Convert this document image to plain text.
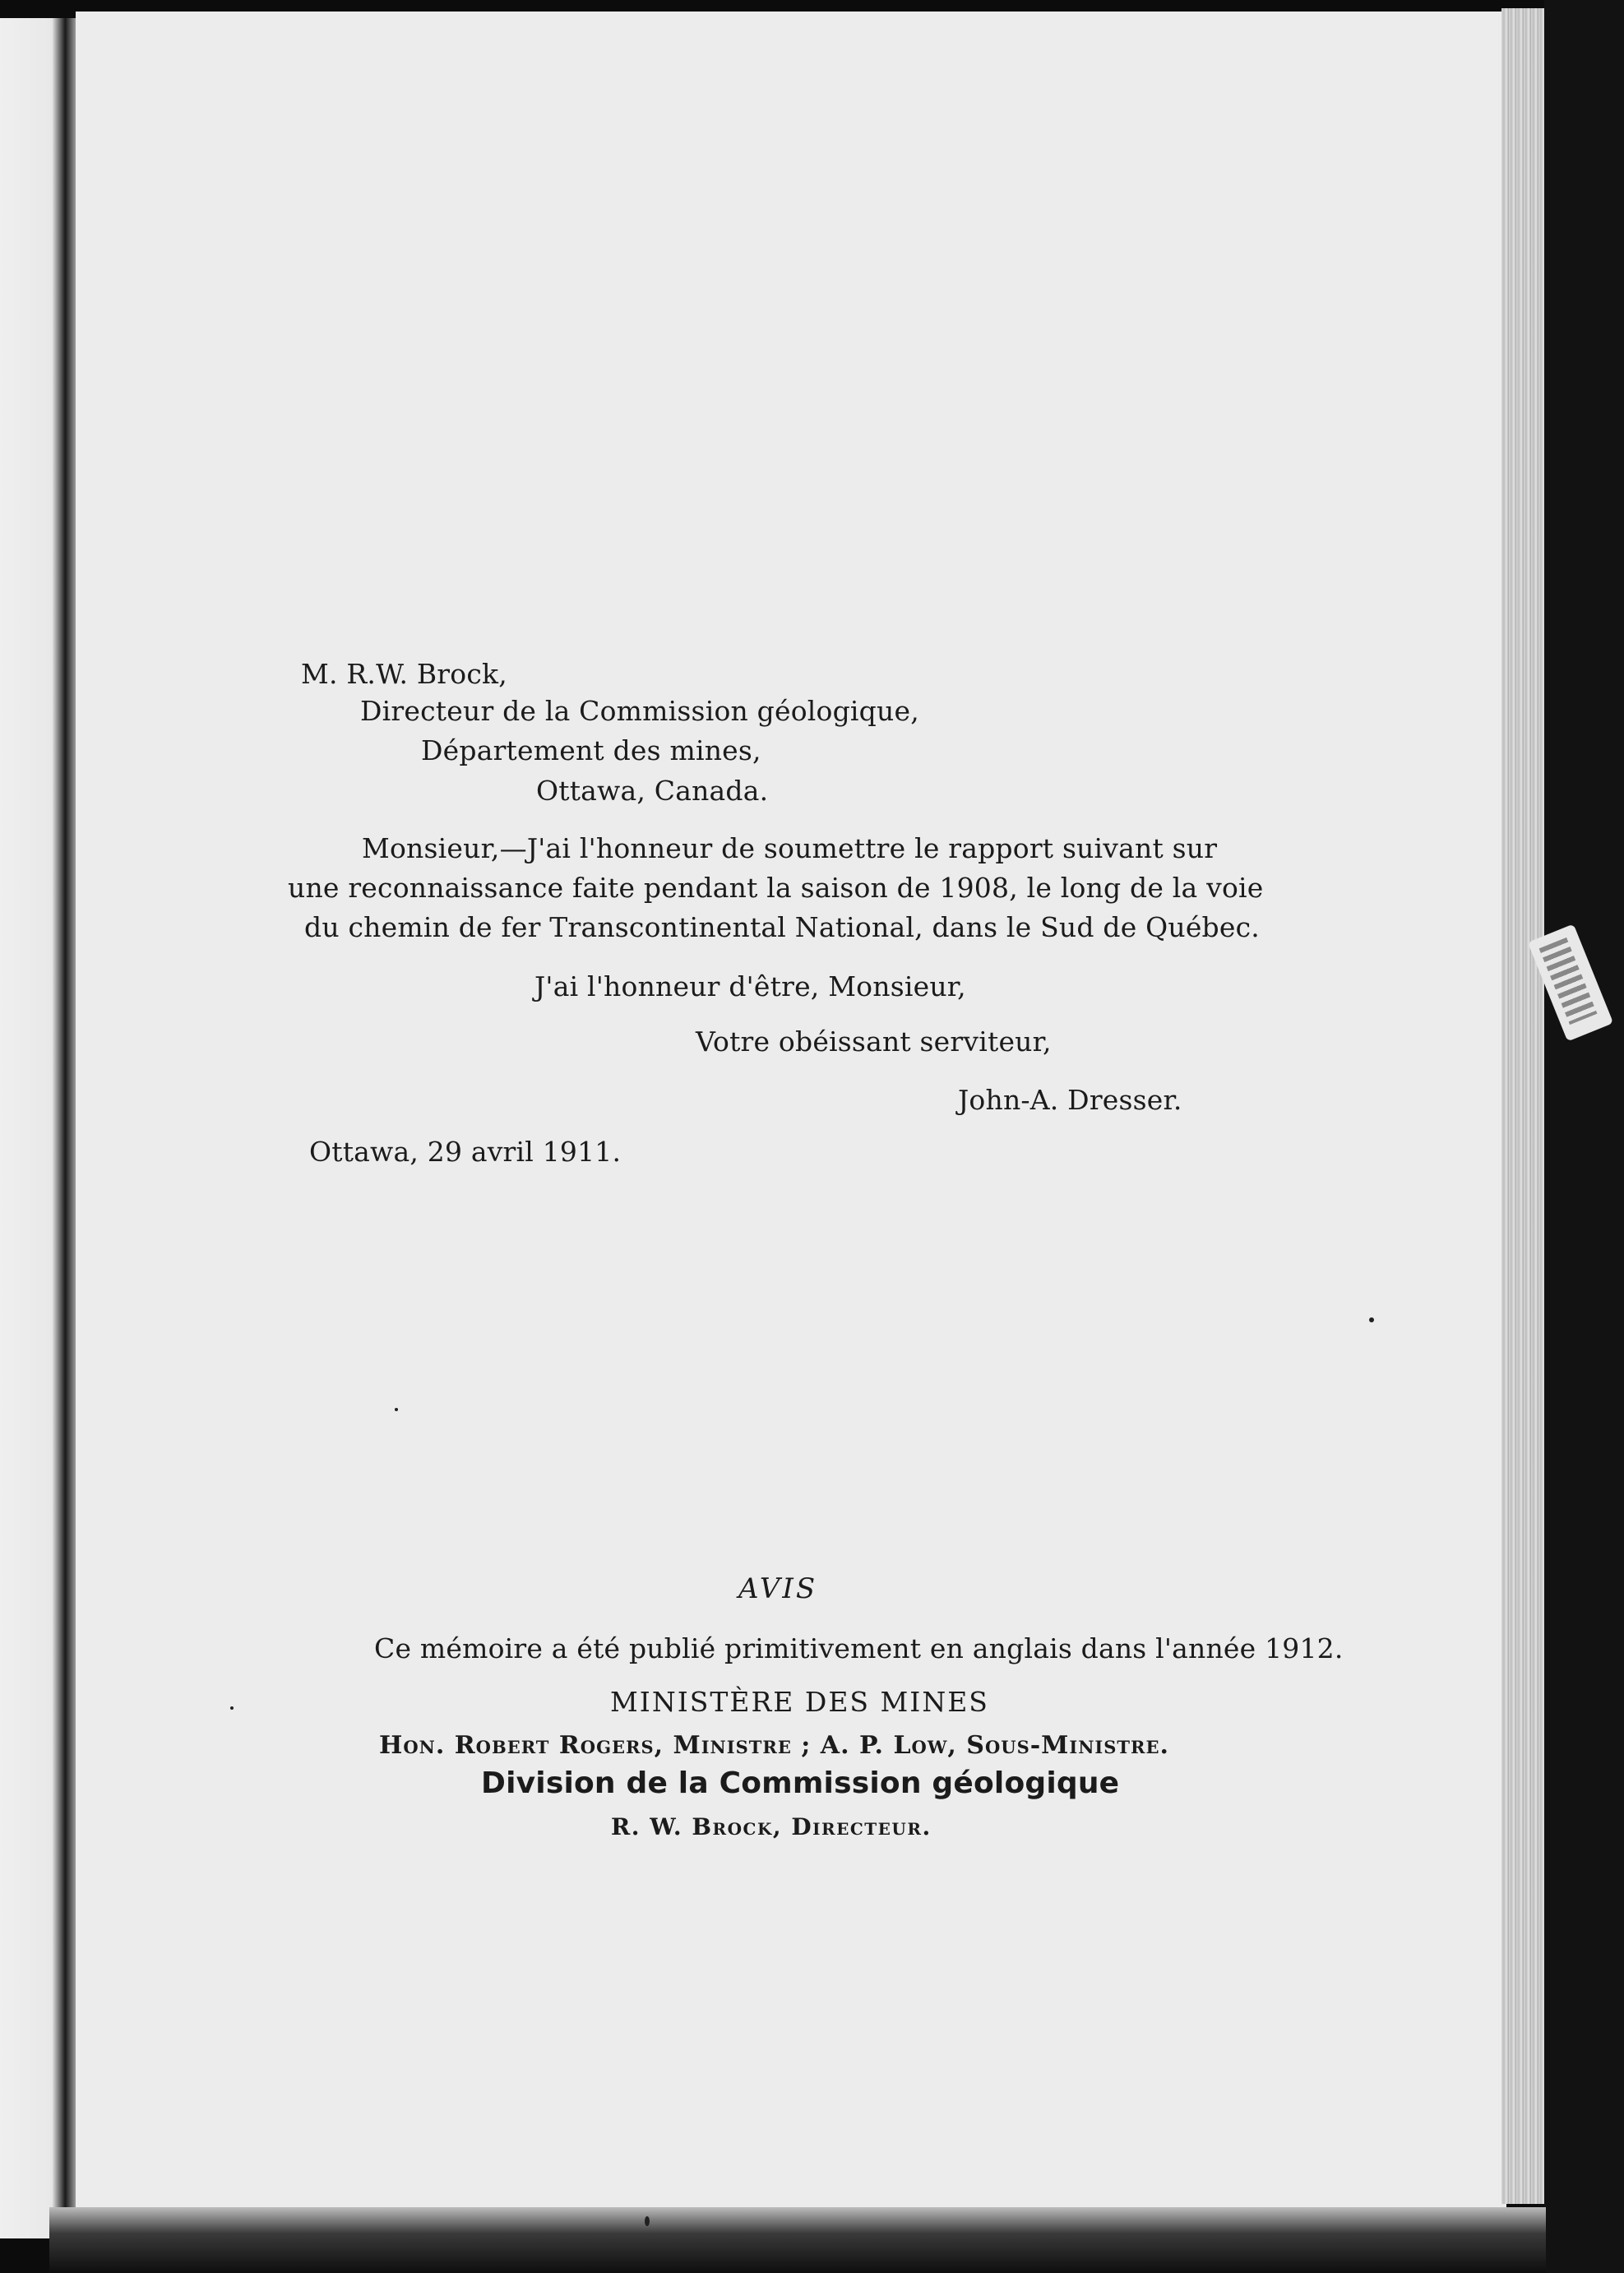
M. R.W. Brock,
Directeur de la Commission géologique,
Département des mines,
Ottawa, Canada.
Monsieur,—J'ai l'honneur de soumettre le rapport suivant sur
une reconnaissance faite pendant la saison de 1908, le long de la voie
du chemin de fer Transcontinental National, dans le Sud de Québec.
J'ai l'honneur d'être, Monsieur,
Votre obéissant serviteur,
John-A. Dresser.
Ottawa, 29 avril 1911.
AVIS
Ce mémoire a été publié primitivement en anglais dans l'année 1912.
MINISTÈRE DES MINES
Hon. Robert Rogers, Ministre ; A. P. Low, Sous-Ministre.
Division de la Commission géologique
R. W. Brock, Directeur.
